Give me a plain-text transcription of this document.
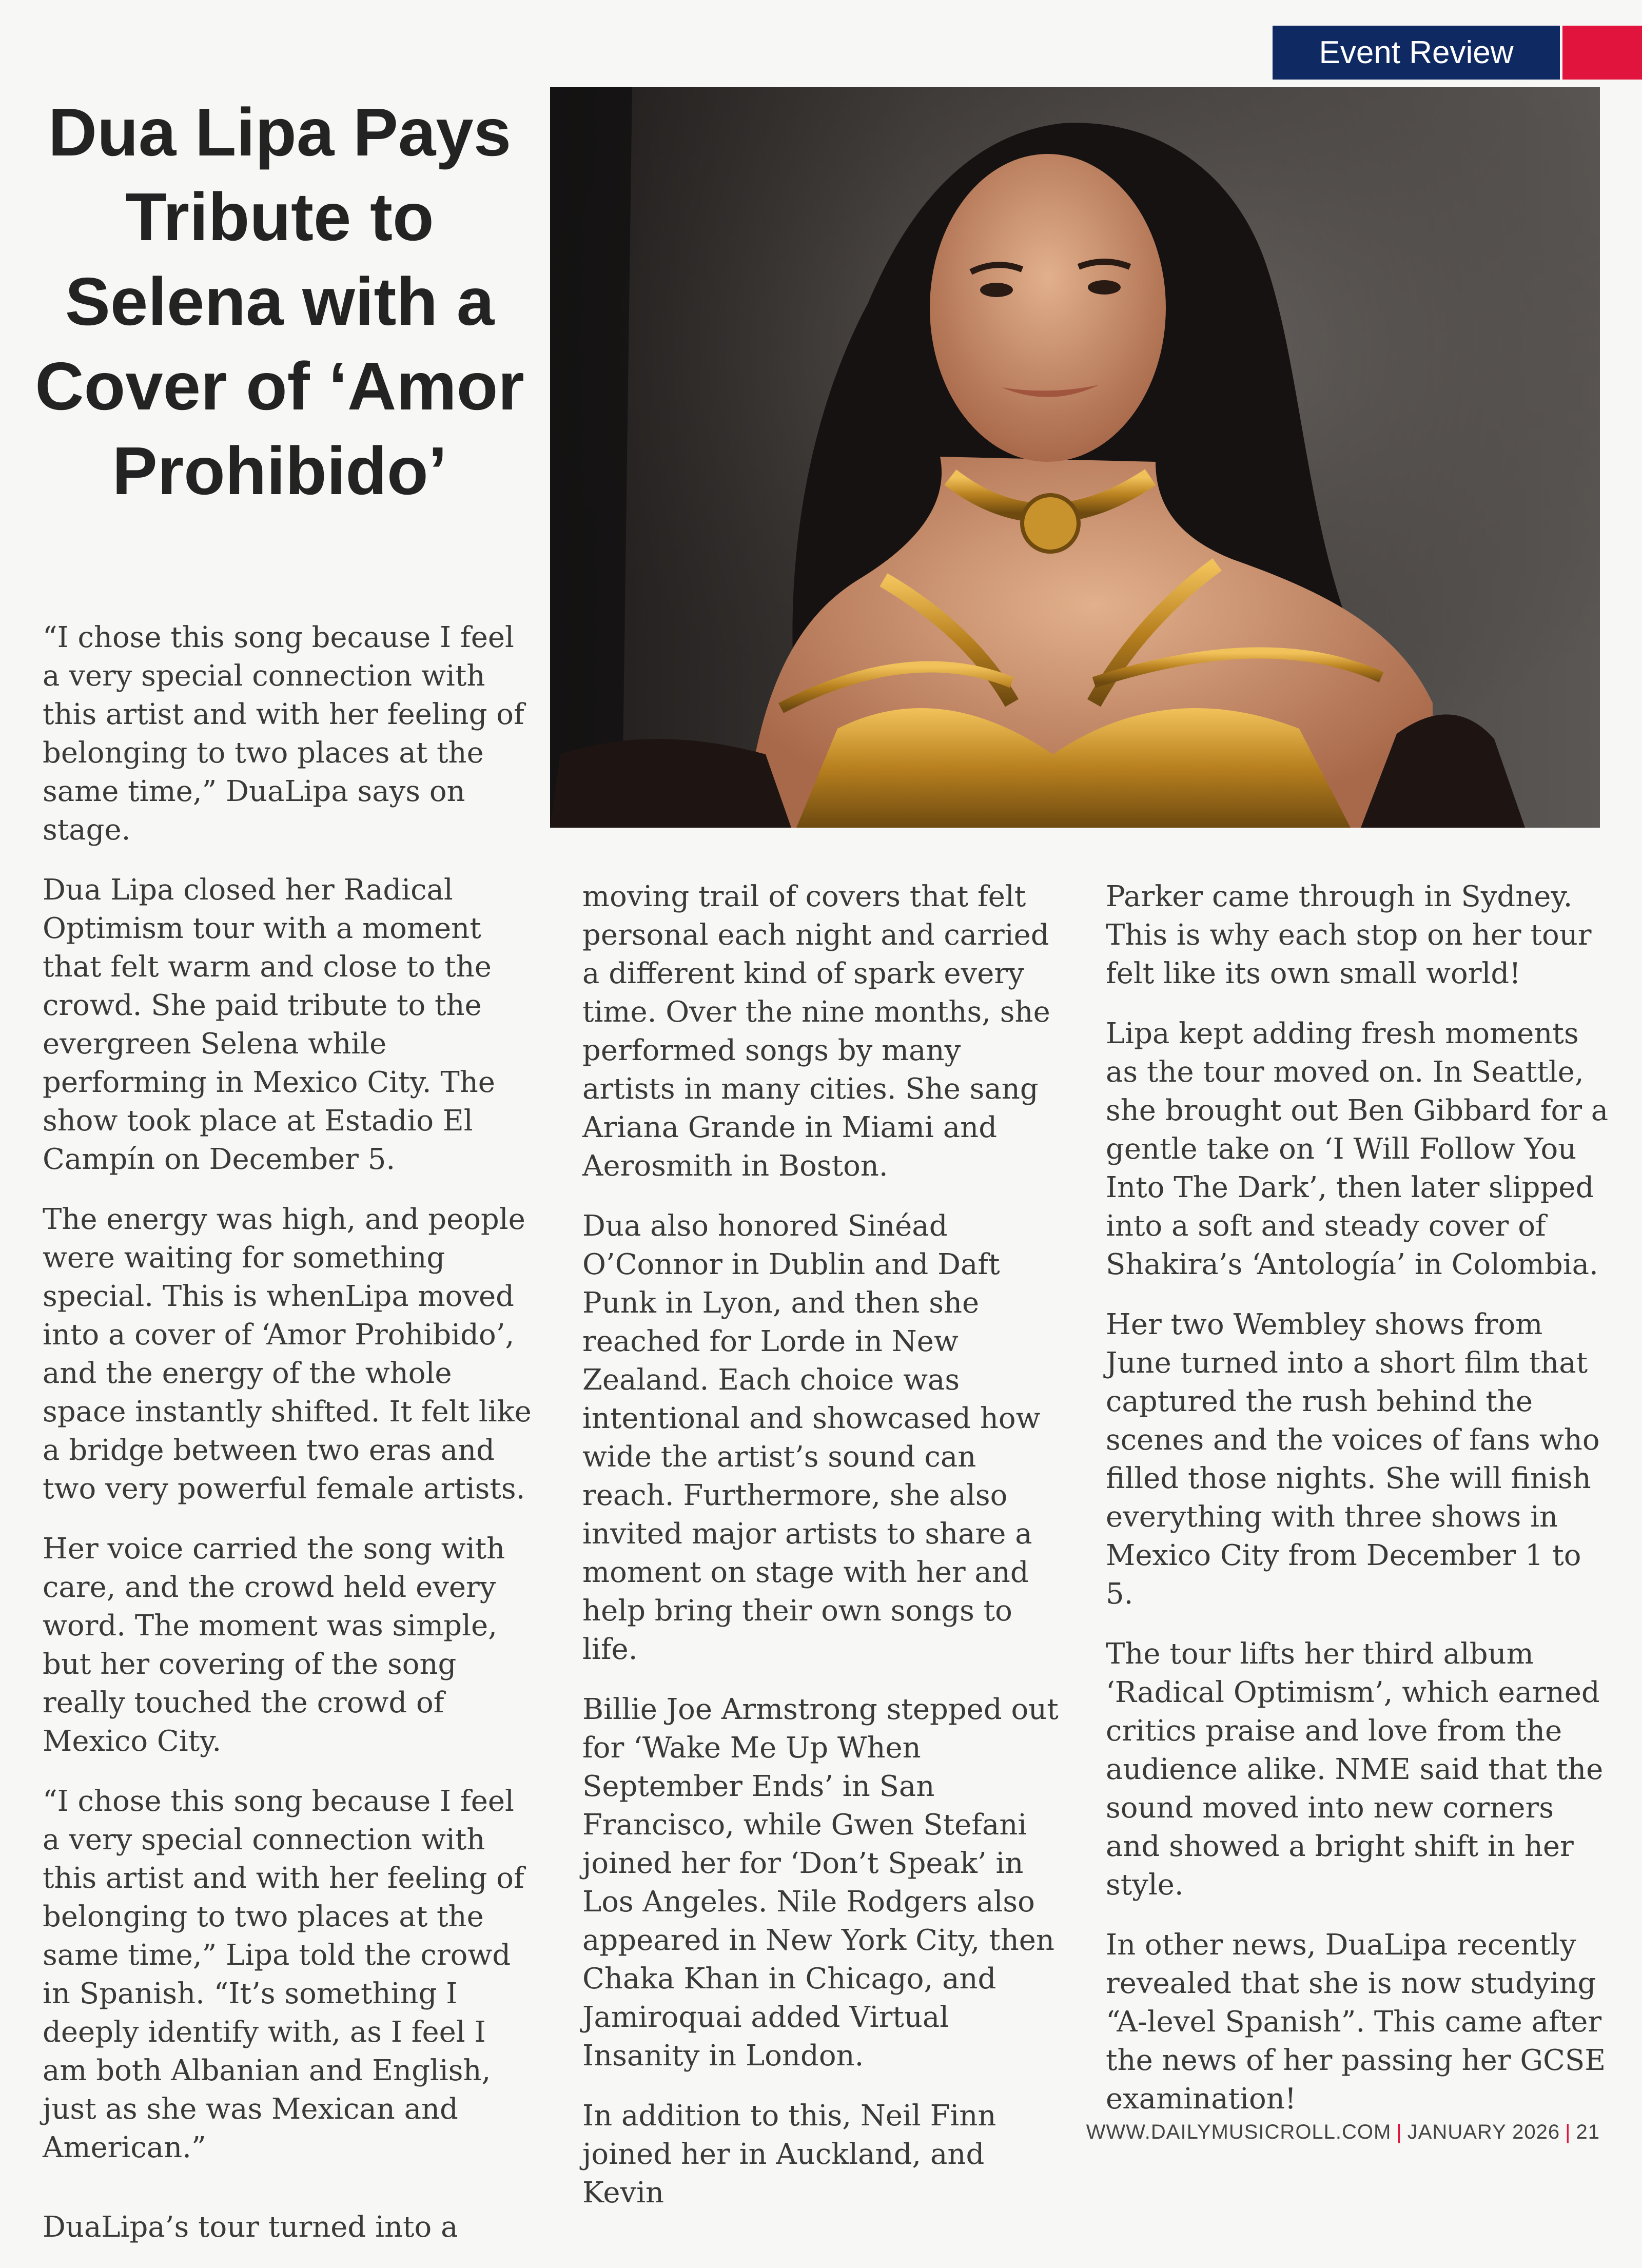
Event Review
Dua Lipa Pays Tribute to Selena with a Cover of ‘Amor Prohibido’

“I chose this song because I feel a very special connection with this artist and with her feeling of belonging to two places at the same time,” DuaLipa says on stage.

Dua Lipa closed her Radical Optimism tour with a moment that felt warm and close to the crowd. She paid tribute to the evergreen Selena while performing in Mexico City. The show took place at Estadio El Campín on December 5.

The energy was high, and people were waiting for something special. This is whenLipa moved into a cover of ‘Amor Prohibido’, and the energy of the whole space instantly shifted. It felt like a bridge between two eras and two very powerful female artists.

Her voice carried the song with care, and the crowd held every word. The moment was simple, but her covering of the song really touched the crowd of Mexico City.

“I chose this song because I feel a very special connection with this artist and with her feeling of belonging to two places at the same time,” Lipa told the crowd in Spanish. “It’s something I deeply identify with, as I feel I am both Albanian and English, just as she was Mexican and American.”

DuaLipa’s tour turned into a

moving trail of covers that felt personal each night and carried a different kind of spark every time. Over the nine months, she performed songs by many artists in many cities. She sang Ariana Grande in Miami and Aerosmith in Boston.

Dua also honored Sinéad O’Connor in Dublin and Daft Punk in Lyon, and then she reached for Lorde in New Zealand. Each choice was intentional and showcased how wide the artist’s sound can reach. Furthermore, she also invited major artists to share a moment on stage with her and help bring their own songs to life.

Billie Joe Armstrong stepped out for ‘Wake Me Up When September Ends’ in San Francisco, while Gwen Stefani joined her for ‘Don’t Speak’ in Los Angeles. Nile Rodgers also appeared in New York City, then Chaka Khan in Chicago, and Jamiroquai added Virtual Insanity in London.

In addition to this, Neil Finn joined her in Auckland, and Kevin

Parker came through in Sydney. This is why each stop on her tour felt like its own small world!

Lipa kept adding fresh moments as the tour moved on. In Seattle, she brought out Ben Gibbard for a gentle take on ‘I Will Follow You Into The Dark’, then later slipped into a soft and steady cover of Shakira’s ‘Antología’ in Colombia.

Her two Wembley shows from June turned into a short film that captured the rush behind the scenes and the voices of fans who filled those nights. She will finish everything with three shows in Mexico City from December 1 to 5.

The tour lifts her third album ‘Radical Optimism’, which earned critics praise and love from the audience alike. NME said that the sound moved into new corners and showed a bright shift in her style.

In other news, DuaLipa recently revealed that she is now studying “A-level Spanish”. This came after the news of her passing her GCSE examination!

WWW.DAILYMUSICROLL.COM | JANUARY 2026 | 21
